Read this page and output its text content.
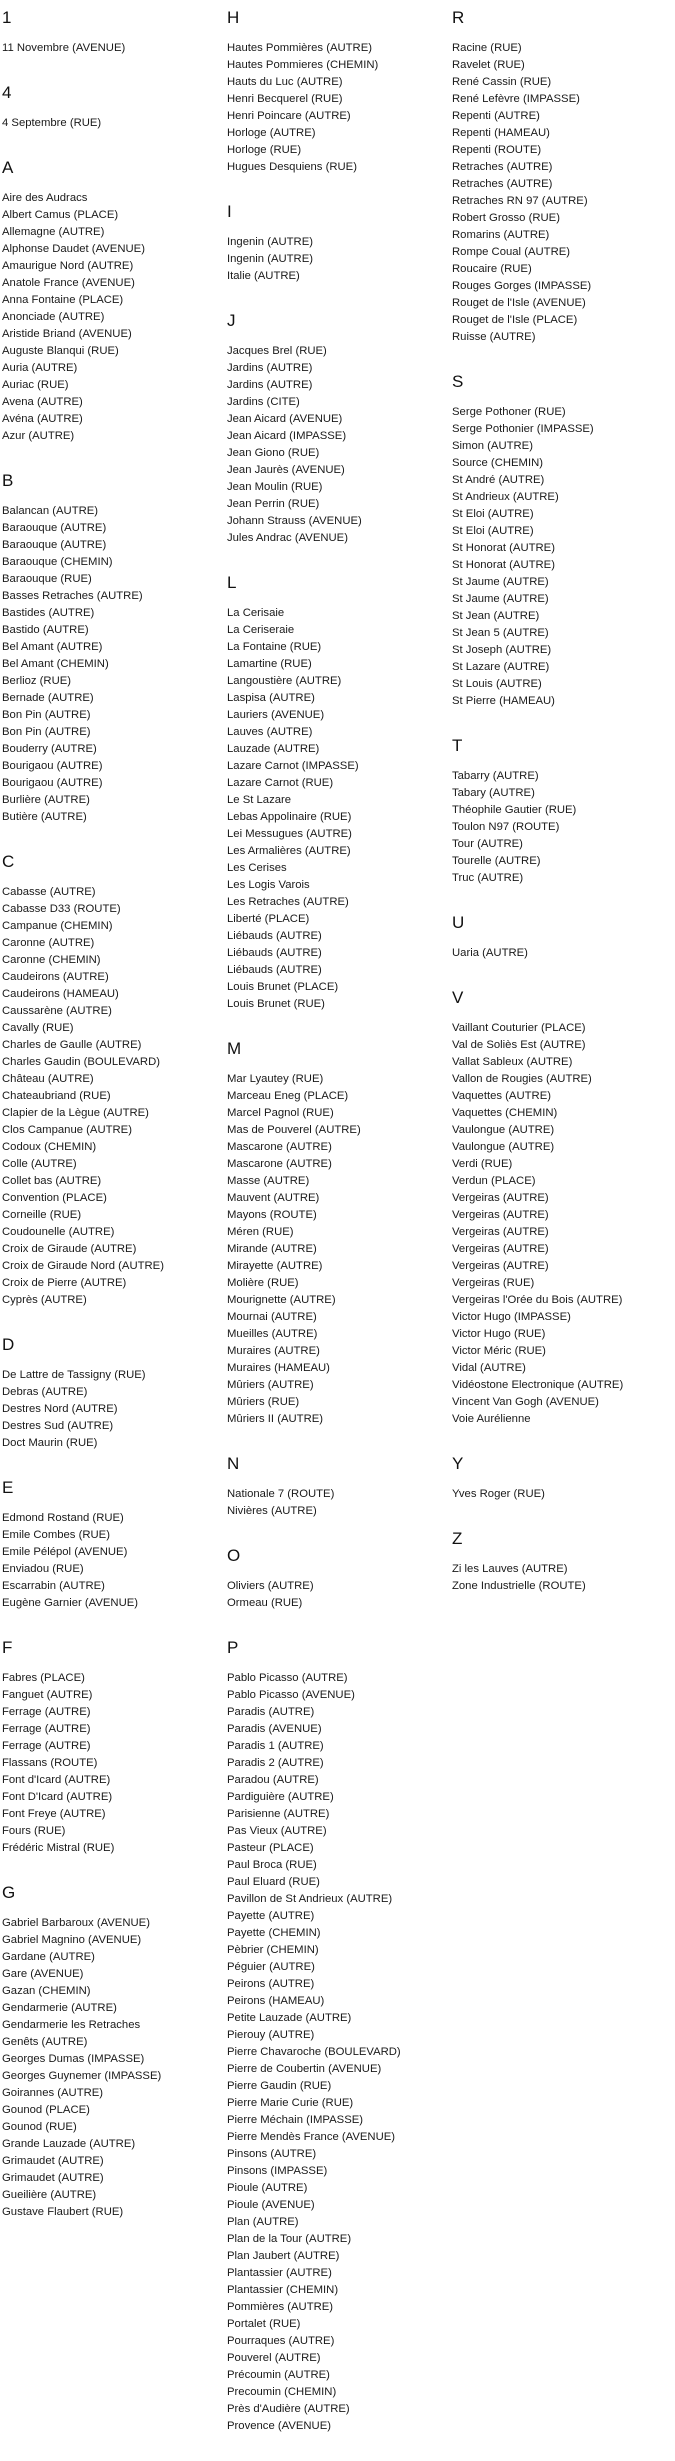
1
11 Novembre (AVENUE)
4
4 Septembre (RUE)
A
Aire des Audracs
Albert Camus (PLACE)
Allemagne (AUTRE)
Alphonse Daudet (AVENUE)
Amaurigue Nord (AUTRE)
Anatole France (AVENUE)
Anna Fontaine (PLACE)
Anonciade (AUTRE)
Aristide Briand (AVENUE)
Auguste Blanqui (RUE)
Auria (AUTRE)
Auriac (RUE)
Avena (AUTRE)
Avéna (AUTRE)
Azur (AUTRE)
B
Balancan (AUTRE)
Baraouque (AUTRE)
Baraouque (AUTRE)
Baraouque (CHEMIN)
Baraouque (RUE)
Basses Retraches (AUTRE)
Bastides (AUTRE)
Bastido (AUTRE)
Bel Amant (AUTRE)
Bel Amant (CHEMIN)
Berlioz (RUE)
Bernade (AUTRE)
Bon Pin (AUTRE)
Bon Pin (AUTRE)
Bouderry (AUTRE)
Bourigaou (AUTRE)
Bourigaou (AUTRE)
Burlière (AUTRE)
Butière (AUTRE)
C
Cabasse (AUTRE)
Cabasse D33 (ROUTE)
Campanue (CHEMIN)
Caronne (AUTRE)
Caronne (CHEMIN)
Caudeirons (AUTRE)
Caudeirons (HAMEAU)
Caussarène (AUTRE)
Cavally (RUE)
Charles de Gaulle (AUTRE)
Charles Gaudin (BOULEVARD)
Château (AUTRE)
Chateaubriand (RUE)
Clapier de la Lègue (AUTRE)
Clos Campanue (AUTRE)
Codoux (CHEMIN)
Colle (AUTRE)
Collet bas (AUTRE)
Convention (PLACE)
Corneille (RUE)
Coudounelle (AUTRE)
Croix de Giraude (AUTRE)
Croix de Giraude Nord (AUTRE)
Croix de Pierre (AUTRE)
Cyprès (AUTRE)
D
De Lattre de Tassigny (RUE)
Debras (AUTRE)
Destres Nord (AUTRE)
Destres Sud (AUTRE)
Doct Maurin (RUE)
E
Edmond Rostand (RUE)
Emile Combes (RUE)
Emile Pélépol (AVENUE)
Enviadou (RUE)
Escarrabin (AUTRE)
Eugène Garnier (AVENUE)
F
Fabres (PLACE)
Fanguet (AUTRE)
Ferrage (AUTRE)
Ferrage (AUTRE)
Ferrage (AUTRE)
Flassans (ROUTE)
Font d'Icard (AUTRE)
Font D'Icard (AUTRE)
Font Freye (AUTRE)
Fours (RUE)
Frédéric Mistral (RUE)
G
Gabriel Barbaroux (AVENUE)
Gabriel Magnino (AVENUE)
Gardane (AUTRE)
Gare (AVENUE)
Gazan (CHEMIN)
Gendarmerie (AUTRE)
Gendarmerie les Retraches
Genêts (AUTRE)
Georges Dumas (IMPASSE)
Georges Guynemer (IMPASSE)
Goirannes (AUTRE)
Gounod (PLACE)
Gounod (RUE)
Grande Lauzade (AUTRE)
Grimaudet (AUTRE)
Grimaudet (AUTRE)
Gueilière (AUTRE)
Gustave Flaubert (RUE)
H
Hautes Pommières (AUTRE)
Hautes Pommieres (CHEMIN)
Hauts du Luc (AUTRE)
Henri Becquerel (RUE)
Henri Poincare (AUTRE)
Horloge (AUTRE)
Horloge (RUE)
Hugues Desquiens (RUE)
I
Ingenin (AUTRE)
Ingenin (AUTRE)
Italie (AUTRE)
J
Jacques Brel (RUE)
Jardins (AUTRE)
Jardins (AUTRE)
Jardins (CITE)
Jean Aicard (AVENUE)
Jean Aicard (IMPASSE)
Jean Giono (RUE)
Jean Jaurès (AVENUE)
Jean Moulin (RUE)
Jean Perrin (RUE)
Johann Strauss (AVENUE)
Jules Andrac (AVENUE)
L
La Cerisaie
La Ceriseraie
La Fontaine (RUE)
Lamartine (RUE)
Langoustière (AUTRE)
Laspisa (AUTRE)
Lauriers (AVENUE)
Lauves (AUTRE)
Lauzade (AUTRE)
Lazare Carnot (IMPASSE)
Lazare Carnot (RUE)
Le St Lazare
Lebas Appolinaire (RUE)
Lei Messugues (AUTRE)
Les Armalières (AUTRE)
Les Cerises
Les Logis Varois
Les Retraches (AUTRE)
Liberté (PLACE)
Liébauds (AUTRE)
Liébauds (AUTRE)
Liébauds (AUTRE)
Louis Brunet (PLACE)
Louis Brunet (RUE)
M
Mar Lyautey (RUE)
Marceau Eneg (PLACE)
Marcel Pagnol (RUE)
Mas de Pouverel (AUTRE)
Mascarone (AUTRE)
Mascarone (AUTRE)
Masse (AUTRE)
Mauvent (AUTRE)
Mayons (ROUTE)
Méren (RUE)
Mirande (AUTRE)
Mirayette (AUTRE)
Molière (RUE)
Mourignette (AUTRE)
Mournai (AUTRE)
Mueilles (AUTRE)
Muraires (AUTRE)
Muraires (HAMEAU)
Mûriers (AUTRE)
Mûriers (RUE)
Mûriers II (AUTRE)
N
Nationale 7 (ROUTE)
Nivières (AUTRE)
O
Oliviers (AUTRE)
Ormeau (RUE)
P
Pablo Picasso (AUTRE)
Pablo Picasso (AVENUE)
Paradis (AUTRE)
Paradis (AVENUE)
Paradis 1 (AUTRE)
Paradis 2 (AUTRE)
Paradou (AUTRE)
Pardiguière (AUTRE)
Parisienne (AUTRE)
Pas Vieux (AUTRE)
Pasteur (PLACE)
Paul Broca (RUE)
Paul Eluard (RUE)
Pavillon de St Andrieux (AUTRE)
Payette (AUTRE)
Payette (CHEMIN)
Pèbrier (CHEMIN)
Péguier (AUTRE)
Peirons (AUTRE)
Peirons (HAMEAU)
Petite Lauzade (AUTRE)
Pierouy (AUTRE)
Pierre Chavaroche (BOULEVARD)
Pierre de Coubertin (AVENUE)
Pierre Gaudin (RUE)
Pierre Marie Curie (RUE)
Pierre Méchain (IMPASSE)
Pierre Mendès France (AVENUE)
Pinsons (AUTRE)
Pinsons (IMPASSE)
Pioule (AUTRE)
Pioule (AVENUE)
Plan (AUTRE)
Plan de la Tour (AUTRE)
Plan Jaubert (AUTRE)
Plantassier (AUTRE)
Plantassier (CHEMIN)
Pommières (AUTRE)
Portalet (RUE)
Pourraques (AUTRE)
Pouverel (AUTRE)
Précoumin (AUTRE)
Precoumin (CHEMIN)
Près d'Audière (AUTRE)
Provence (AVENUE)
R
Racine (RUE)
Ravelet (RUE)
René Cassin (RUE)
René Lefèvre (IMPASSE)
Repenti (AUTRE)
Repenti (HAMEAU)
Repenti (ROUTE)
Retraches (AUTRE)
Retraches (AUTRE)
Retraches RN 97 (AUTRE)
Robert Grosso (RUE)
Romarins (AUTRE)
Rompe Coual (AUTRE)
Roucaire (RUE)
Rouges Gorges (IMPASSE)
Rouget de l'Isle (AVENUE)
Rouget de l'Isle (PLACE)
Ruisse (AUTRE)
S
Serge Pothoner (RUE)
Serge Pothonier (IMPASSE)
Simon (AUTRE)
Source (CHEMIN)
St André (AUTRE)
St Andrieux (AUTRE)
St Eloi (AUTRE)
St Eloi (AUTRE)
St Honorat (AUTRE)
St Honorat (AUTRE)
St Jaume (AUTRE)
St Jaume (AUTRE)
St Jean (AUTRE)
St Jean 5 (AUTRE)
St Joseph (AUTRE)
St Lazare (AUTRE)
St Louis (AUTRE)
St Pierre (HAMEAU)
T
Tabarry (AUTRE)
Tabary (AUTRE)
Théophile Gautier (RUE)
Toulon N97 (ROUTE)
Tour (AUTRE)
Tourelle (AUTRE)
Truc (AUTRE)
U
Uaria (AUTRE)
V
Vaillant Couturier (PLACE)
Val de Soliès Est (AUTRE)
Vallat Sableux (AUTRE)
Vallon de Rougies (AUTRE)
Vaquettes (AUTRE)
Vaquettes (CHEMIN)
Vaulongue (AUTRE)
Vaulongue (AUTRE)
Verdi (RUE)
Verdun (PLACE)
Vergeiras (AUTRE)
Vergeiras (AUTRE)
Vergeiras (AUTRE)
Vergeiras (AUTRE)
Vergeiras (AUTRE)
Vergeiras (RUE)
Vergeiras l'Orée du Bois (AUTRE)
Victor Hugo (IMPASSE)
Victor Hugo (RUE)
Victor Méric (RUE)
Vidal (AUTRE)
Vidéostone Electronique (AUTRE)
Vincent Van Gogh (AVENUE)
Voie Aurélienne
Y
Yves Roger (RUE)
Z
Zi les Lauves (AUTRE)
Zone Industrielle (ROUTE)
